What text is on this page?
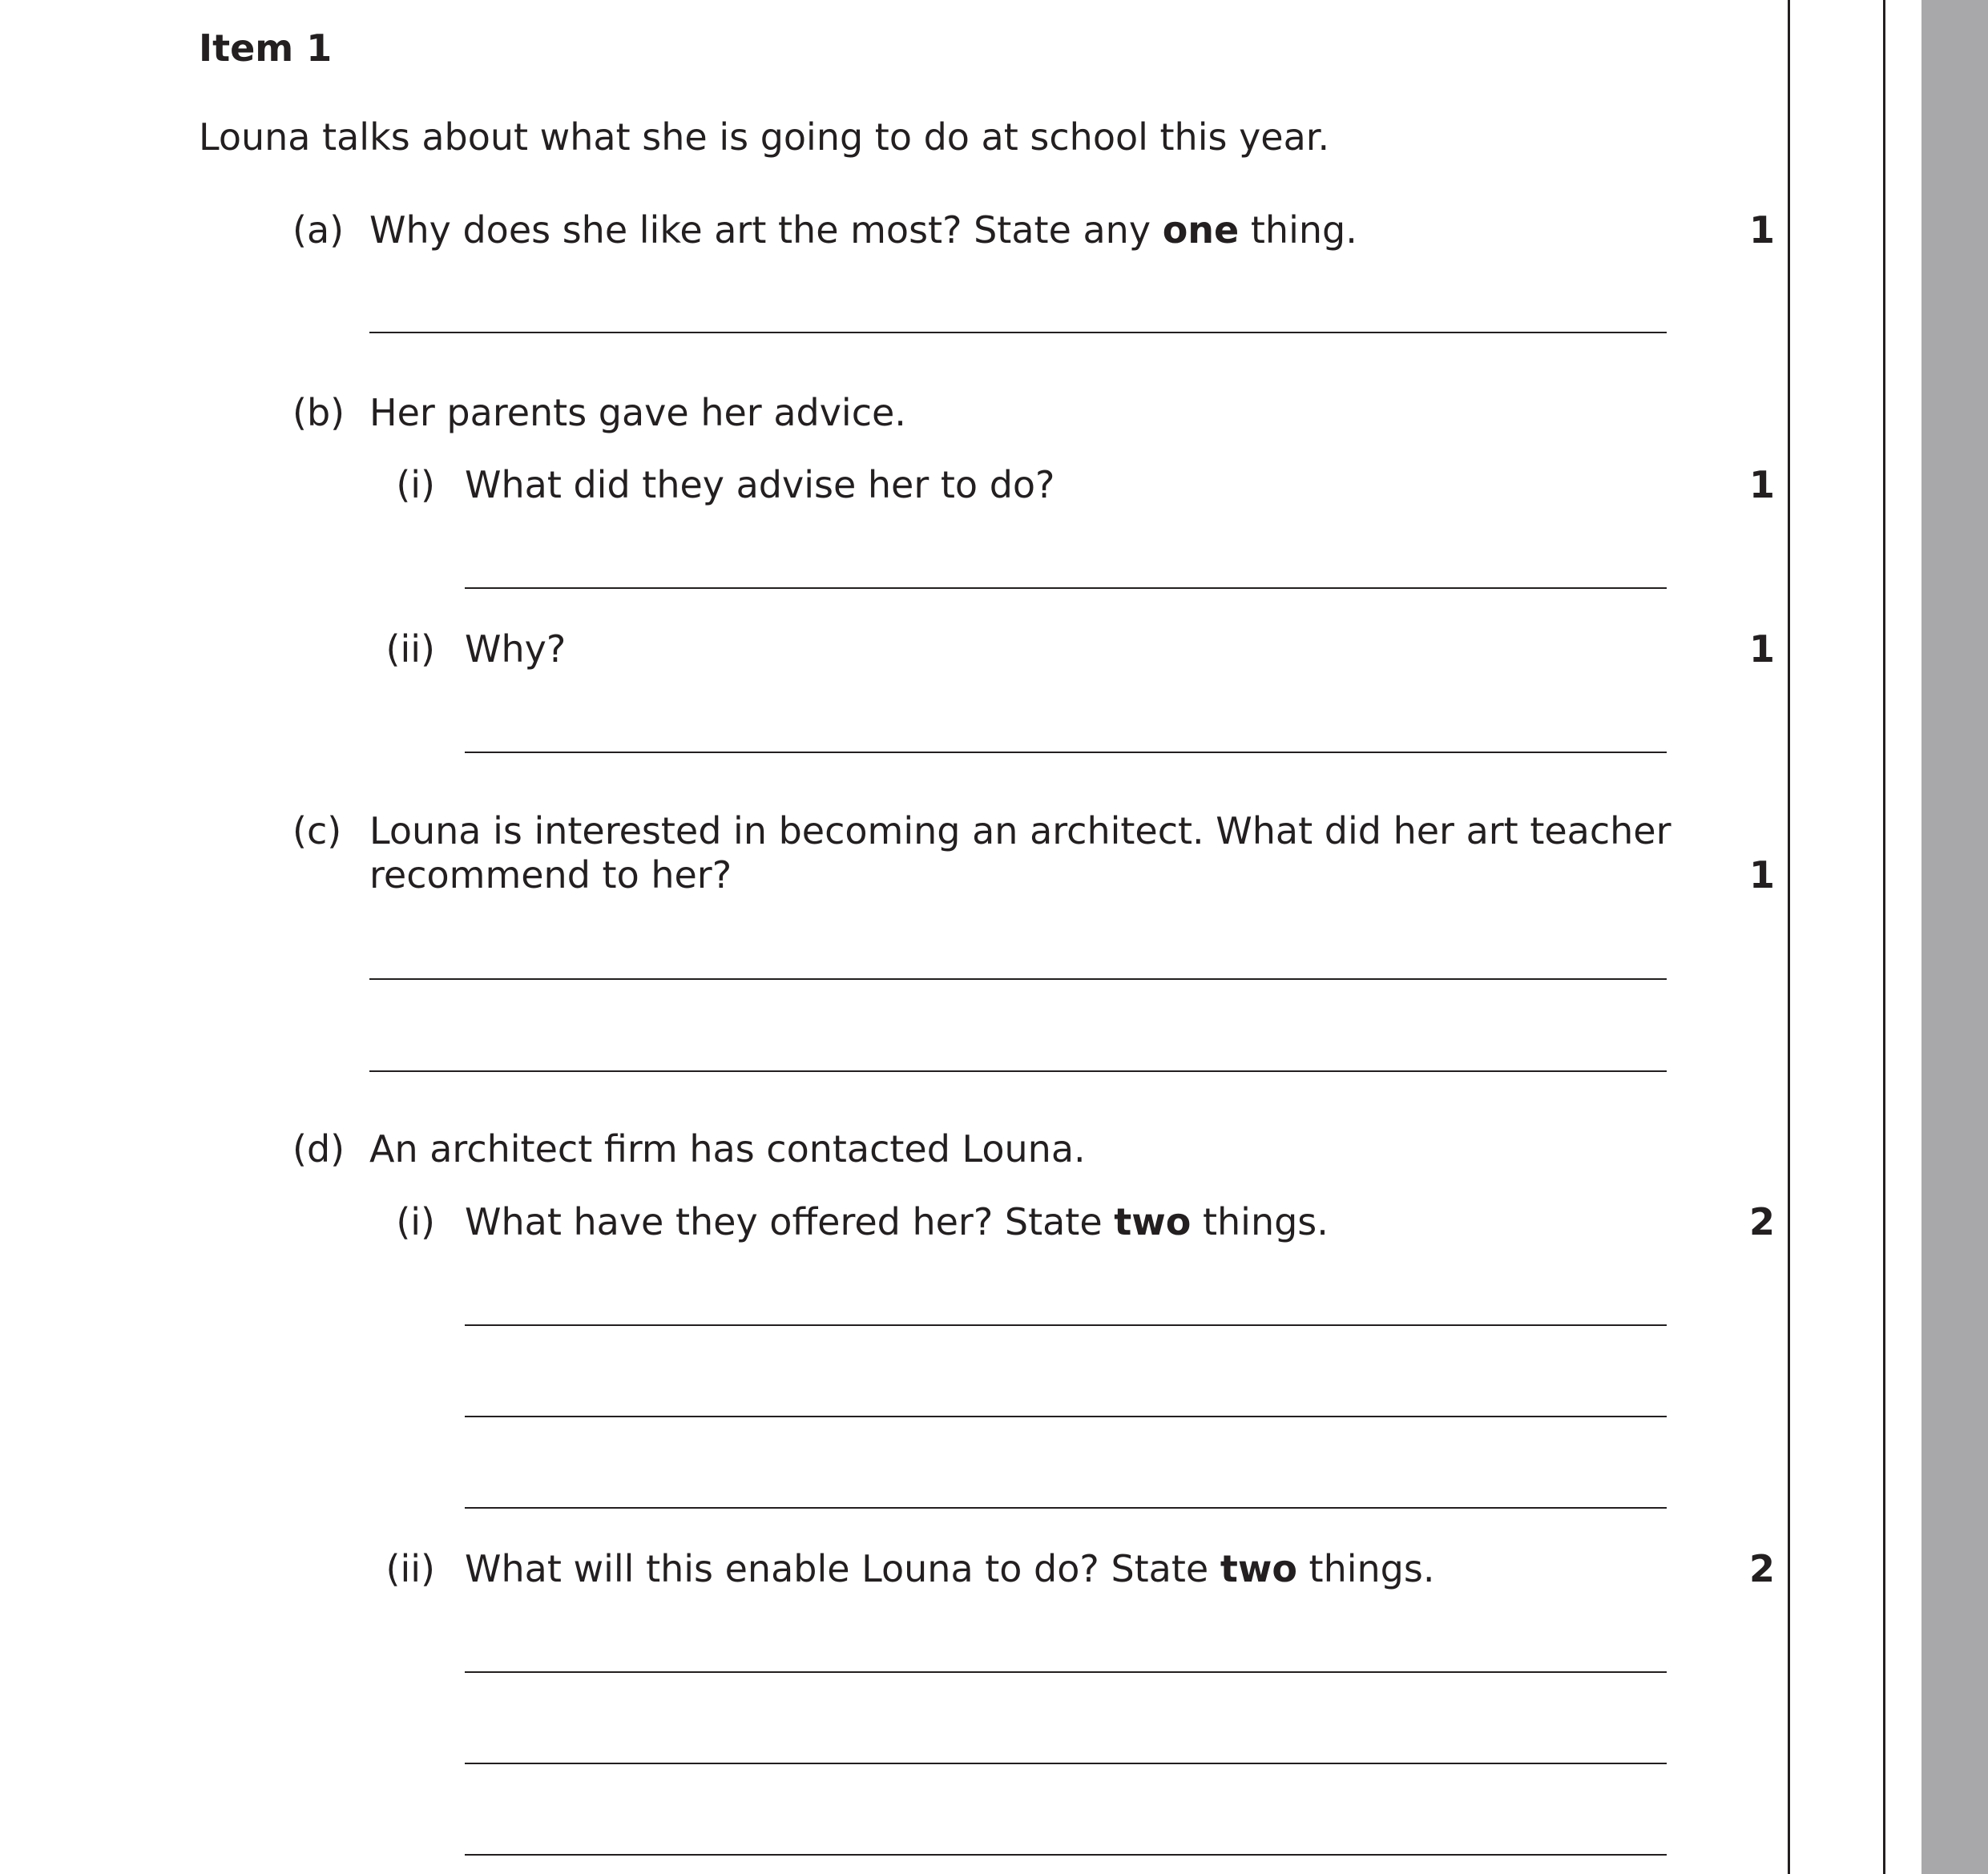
Item 1
Louna talks about what she is going to do at school this year.
(a) Why does she like art the most? State any one thing.	1
(b) Her parents gave her advice.
(i) What did they advise her to do?	1
(ii) Why?	1
(c) Louna is interested in becoming an architect. What did her art teacher
recommend to her?	1
(d) An architect firm has contacted Louna.
(i) What have they offered her? State two things.	2
(ii) What will this enable Louna to do? State two things.	2
